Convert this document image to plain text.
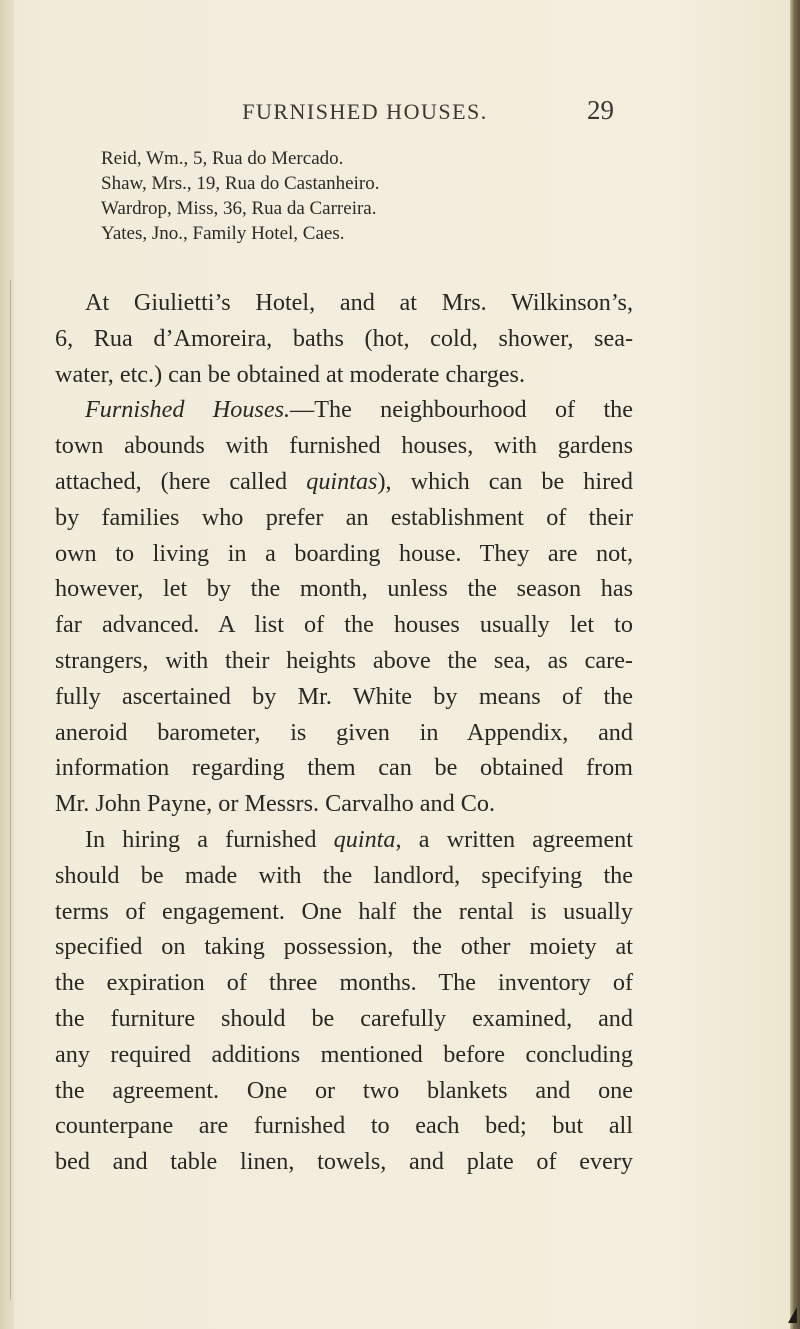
FURNISHED HOUSES.	29
Reid, Wm., 5, Rua do Mercado.
Shaw, Mrs., 19, Rua do Castanheiro.
Wardrop, Miss, 36, Rua da Carreira.
Yates, Jno., Family Hotel, Caes.
At Giulietti’s Hotel, and at Mrs. Wilkinson’s,
6, Rua d’Amoreira, baths (hot, cold, shower, sea-
water, etc.) can be obtained at moderate charges.
Furnished Houses.—The neighbourhood of the
town abounds with furnished houses, with gardens
attached, (here called quintas), which can be hired
by families who prefer an establishment of their
own to living in a boarding house. They are not,
however, let by the month, unless the season has
far advanced. A list of the houses usually let to
strangers, with their heights above the sea, as care-
fully ascertained by Mr. White by means of the
aneroid barometer, is given in Appendix, and
information regarding them can be obtained from
Mr. John Payne, or Messrs. Carvalho and Co.
In hiring a furnished quinta, a written agreement
should be made with the landlord, specifying the
terms of engagement. One half the rental is usually
specified on taking possession, the other moiety at
the expiration of three months. The inventory of
the furniture should be carefully examined, and
any required additions mentioned before concluding
the agreement. One or two blankets and one
counterpane are furnished to each bed; but all
bed and table linen, towels, and plate of every
